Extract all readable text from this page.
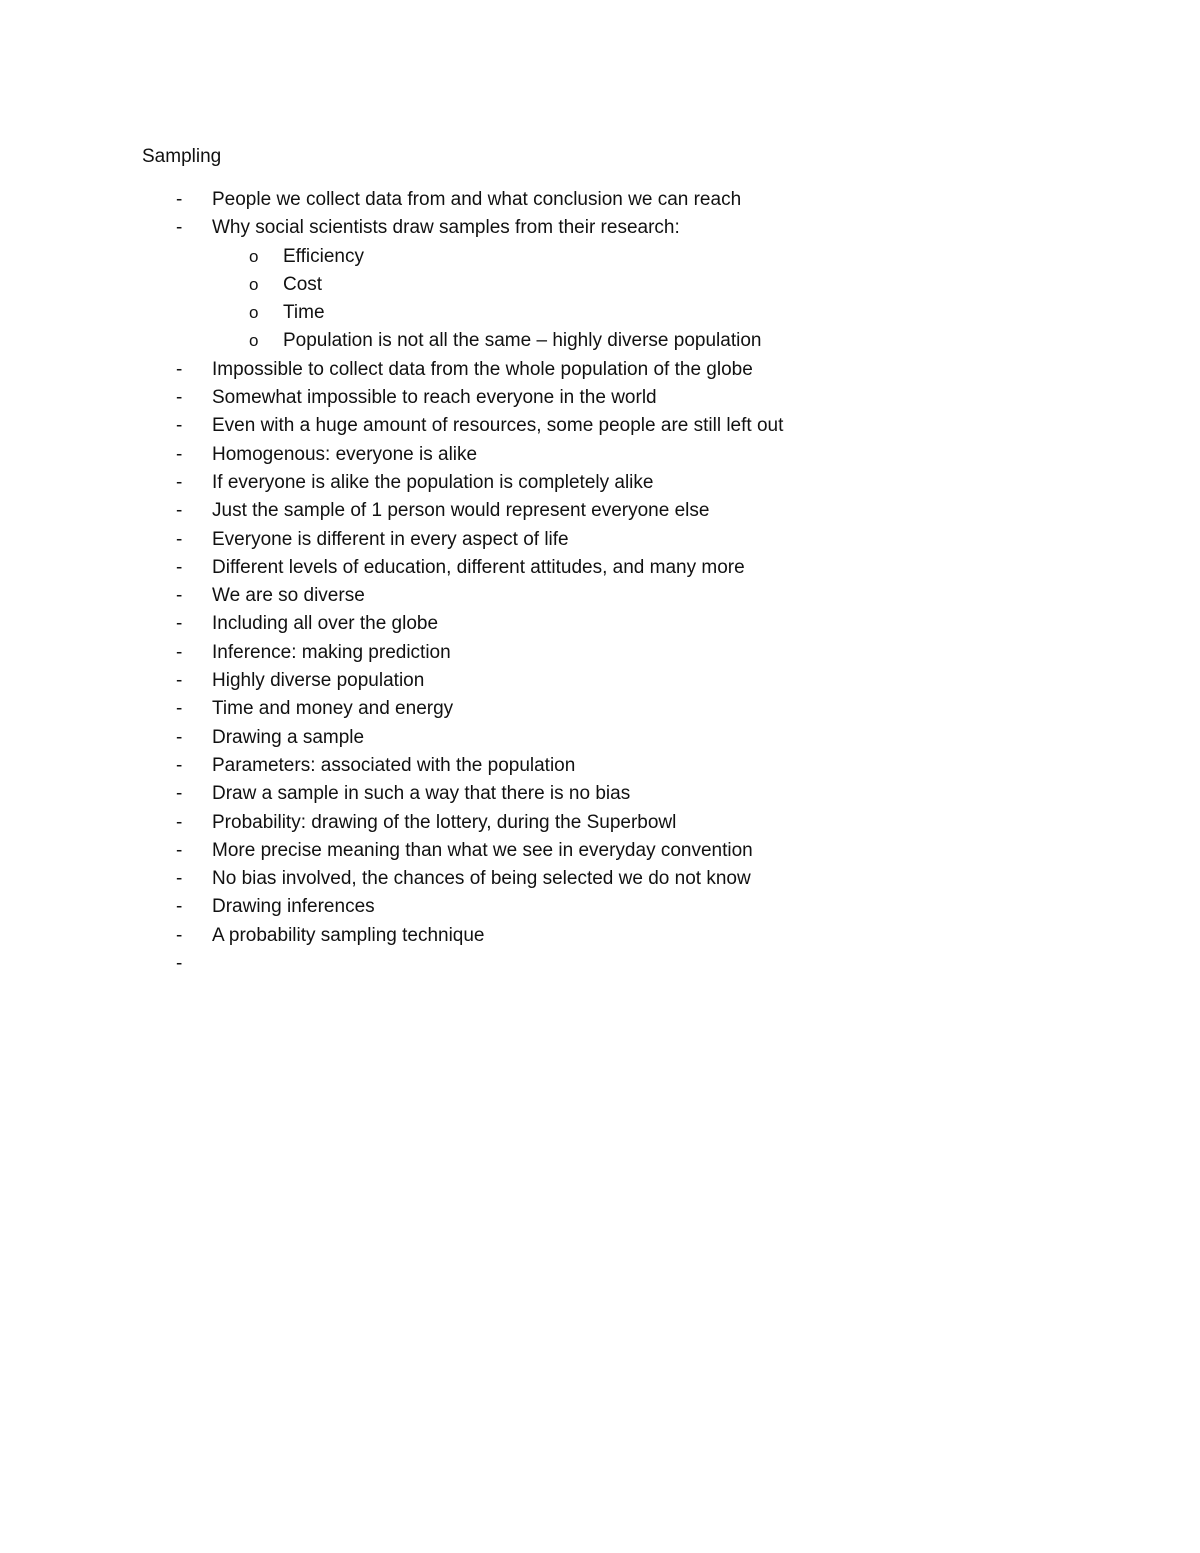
Sampling
- People we collect data from and what conclusion we can reach
- Why social scientists draw samples from their research:
o Efficiency
o Cost
o Time
o Population is not all the same – highly diverse population
- Impossible to collect data from the whole population of the globe
- Somewhat impossible to reach everyone in the world
- Even with a huge amount of resources, some people are still left out
- Homogenous: everyone is alike
- If everyone is alike the population is completely alike
- Just the sample of 1 person would represent everyone else
- Everyone is different in every aspect of life
- Different levels of education, different attitudes, and many more
- We are so diverse
- Including all over the globe
- Inference: making prediction
- Highly diverse population
- Time and money and energy
- Drawing a sample
- Parameters: associated with the population
- Draw a sample in such a way that there is no bias
- Probability: drawing of the lottery, during the Superbowl
- More precise meaning than what we see in everyday convention
- No bias involved, the chances of being selected we do not know
- Drawing inferences
- A probability sampling technique
-
